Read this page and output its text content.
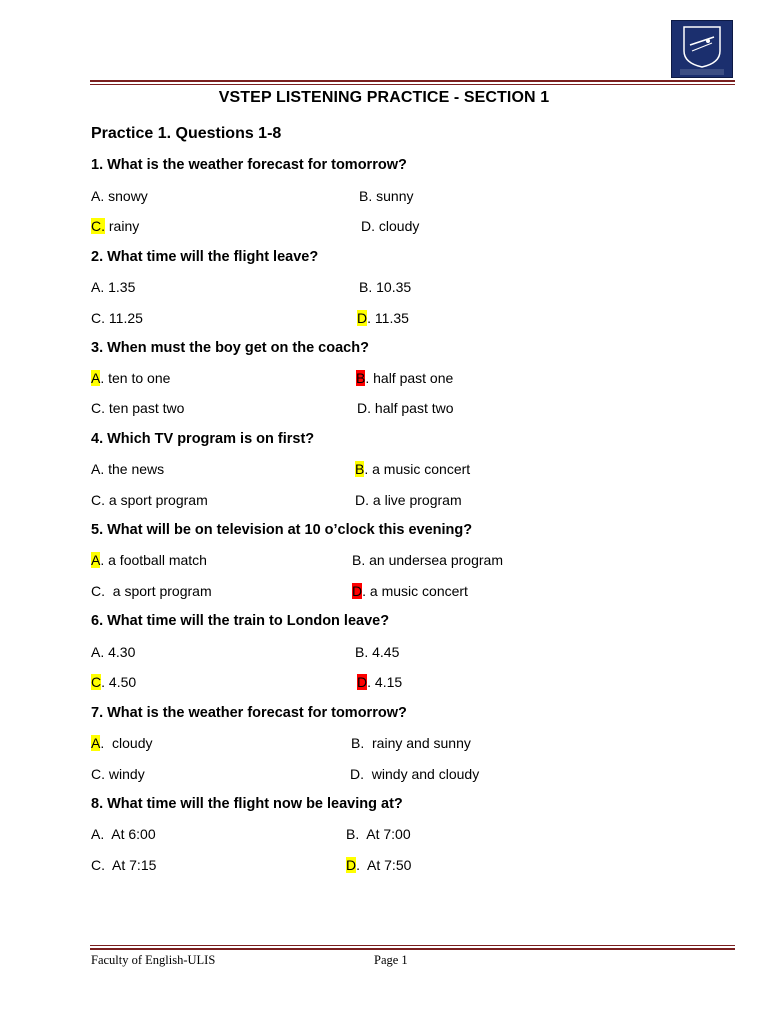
VSTEP LISTENING PRACTICE - SECTION 1
Practice 1. Questions 1-8
1. What is the weather forecast for tomorrow?
A. snowy	B. sunny
C. rainy	D. cloudy
2. What time will the flight leave?
A. 1.35	B. 10.35
C. 11.25	D. 11.35
3. When must the boy get on the coach?
A. ten to one	B. half past one
C. ten past two	D. half past two
4. Which TV program is on first?
A. the news	B. a music concert
C. a sport program	D. a live program
5. What will be on television at 10 o’clock this evening?
A. a football match	B. an undersea program
C.  a sport program	D. a music concert
6. What time will the train to London leave?
A. 4.30	B. 4.45
C. 4.50	D. 4.15
7. What is the weather forecast for tomorrow?
A.  cloudy	B.  rainy and sunny
C. windy	D.  windy and cloudy
8. What time will the flight now be leaving at?
A.  At 6:00	B.  At 7:00
C.  At 7:15	D.  At 7:50
Faculty of English-ULIS	Page 1
